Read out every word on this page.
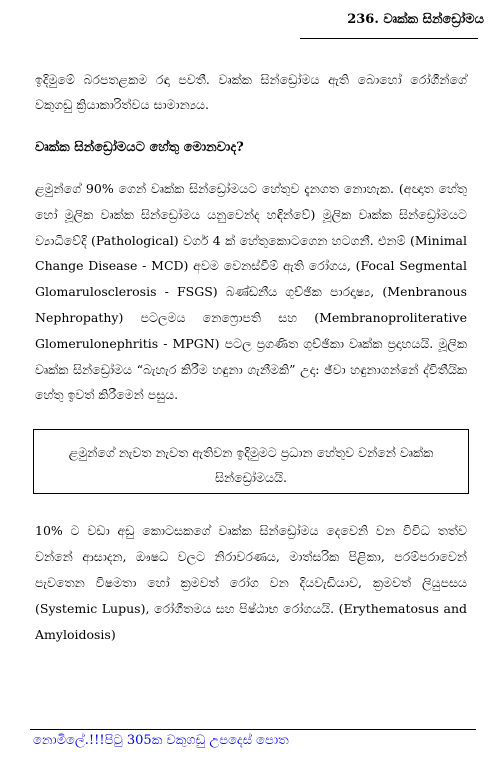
236. වෘක්ක සින්ඩ්‍රෝමය

ඉදිමුමේ බරපතළකම රඳා පවතී. වෘක්ක සින්ඩ්‍රෝමය ඇති බොහෝ රෝගීන්ගේ වකුගඩු ක්‍රියාකාරිත්වය සාමාන්‍යය.

වෘක්ක සින්ඩ්‍රෝමයට හේතු මොනවාද?

ළමුන්ගේ 90% ගෙන් වෘක්ක සින්ඩ්‍රෝමයට හේතුව දැනගත නොහැක. (අඥාත හේතු හෝ මූලික වෘක්ක සින්ඩ්‍රෝමය යනුවෙන්ද හඳින්වේ) මූලික වෘක්ක සින්ඩ්‍රෝමයට ව්‍යාධිවේදි (Pathological) වර්ග 4 ක් හේතුකොටගෙන හටගනී. එනම් (Minimal Change Disease - MCD) අවම වෙනස්වීම් ඇති රෝගය, (Focal Segmental Glomarulosclerosis - FSGS) බණ්ඩනීය ගුච්ඡික පාරදෘෂ්‍ය, (Menbranous Nephropathy) පටලමය නෙෆ්‍රොපති සහ (Membranoproliterative Glomerulonephritis - MPGN) පටල ප්‍රගණිත ගුච්ඡිකා වෘක්ක ප්‍රදාහයයි. මූලික වෘක්ක සින්ඩ්‍රෝමය “බැහැර කිරීම හඳුනා ගැනීමකි” උදා: ඡ්වා හඳුනාගන්නේ ද්විතීයික හේතු ඉවත් කිරීමෙන් පසුය.

ළමුන්ගේ නැවත නැවත ඇතිවන ඉදිමුමට ප්‍රධාන හේතුව වන්නේ වෘක්ක සින්ඩ්‍රෝමයයි.

10% ට වඩා අඩු කොටසකගේ වෘක්ක සින්ඩ්‍රෝමය දෙවෙනි වන විවිධ තත්ව වන්නේ ආසාදන, ඖෂධ වලට නිරාවරණය, මාත්සරික පිළිකා, පරම්පරාවෙන් පැවතෙන විෂමතා හෝ ක්‍රමවත් රෝග වන දියවැඩියාව, ක්‍රමවත් ලියුපසය (Systemic Lupus), රෝගීතමය සහ පිෂ්ඨාභ රෝගයයි. (Erythematosus and Amyloidosis)

නොමිලේ.!!!පිටු 305ක වකුගඩු උපදෙස් පොත
